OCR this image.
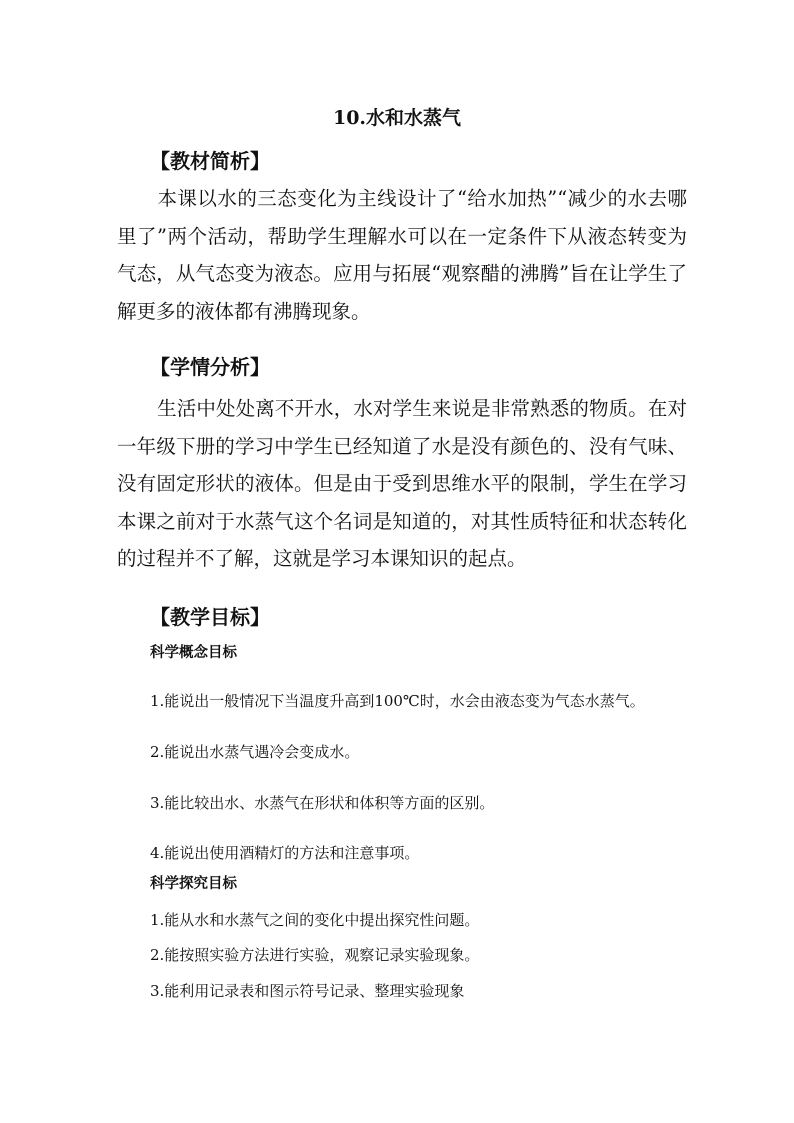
10.水和水蒸气
【教材简析】

本课以水的三态变化为主线设计了“给水加热”“减少的水去哪里了”两个活动，帮助学生理解水可以在一定条件下从液态转变为气态，从气态变为液态。应用与拓展“观察醋的沸腾”旨在让学生了解更多的液体都有沸腾现象。

【学情分析】

生活中处处离不开水，水对学生来说是非常熟悉的物质。在对一年级下册的学习中学生已经知道了水是没有颜色的、没有气味、没有固定形状的液体。但是由于受到思维水平的限制，学生在学习本课之前对于水蒸气这个名词是知道的，对其性质特征和状态转化的过程并不了解，这就是学习本课知识的起点。

【教学目标】
科学概念目标
1.能说出一般情况下当温度升高到100℃时，水会由液态变为气态水蒸气。
2.能说出水蒸气遇冷会变成水。
3.能比较出水、水蒸气在形状和体积等方面的区别。
4.能说出使用酒精灯的方法和注意事项。
科学探究目标
1.能从水和水蒸气之间的变化中提出探究性问题。
2.能按照实验方法进行实验，观察记录实验现象。
3.能利用记录表和图示符号记录、整理实验现象
